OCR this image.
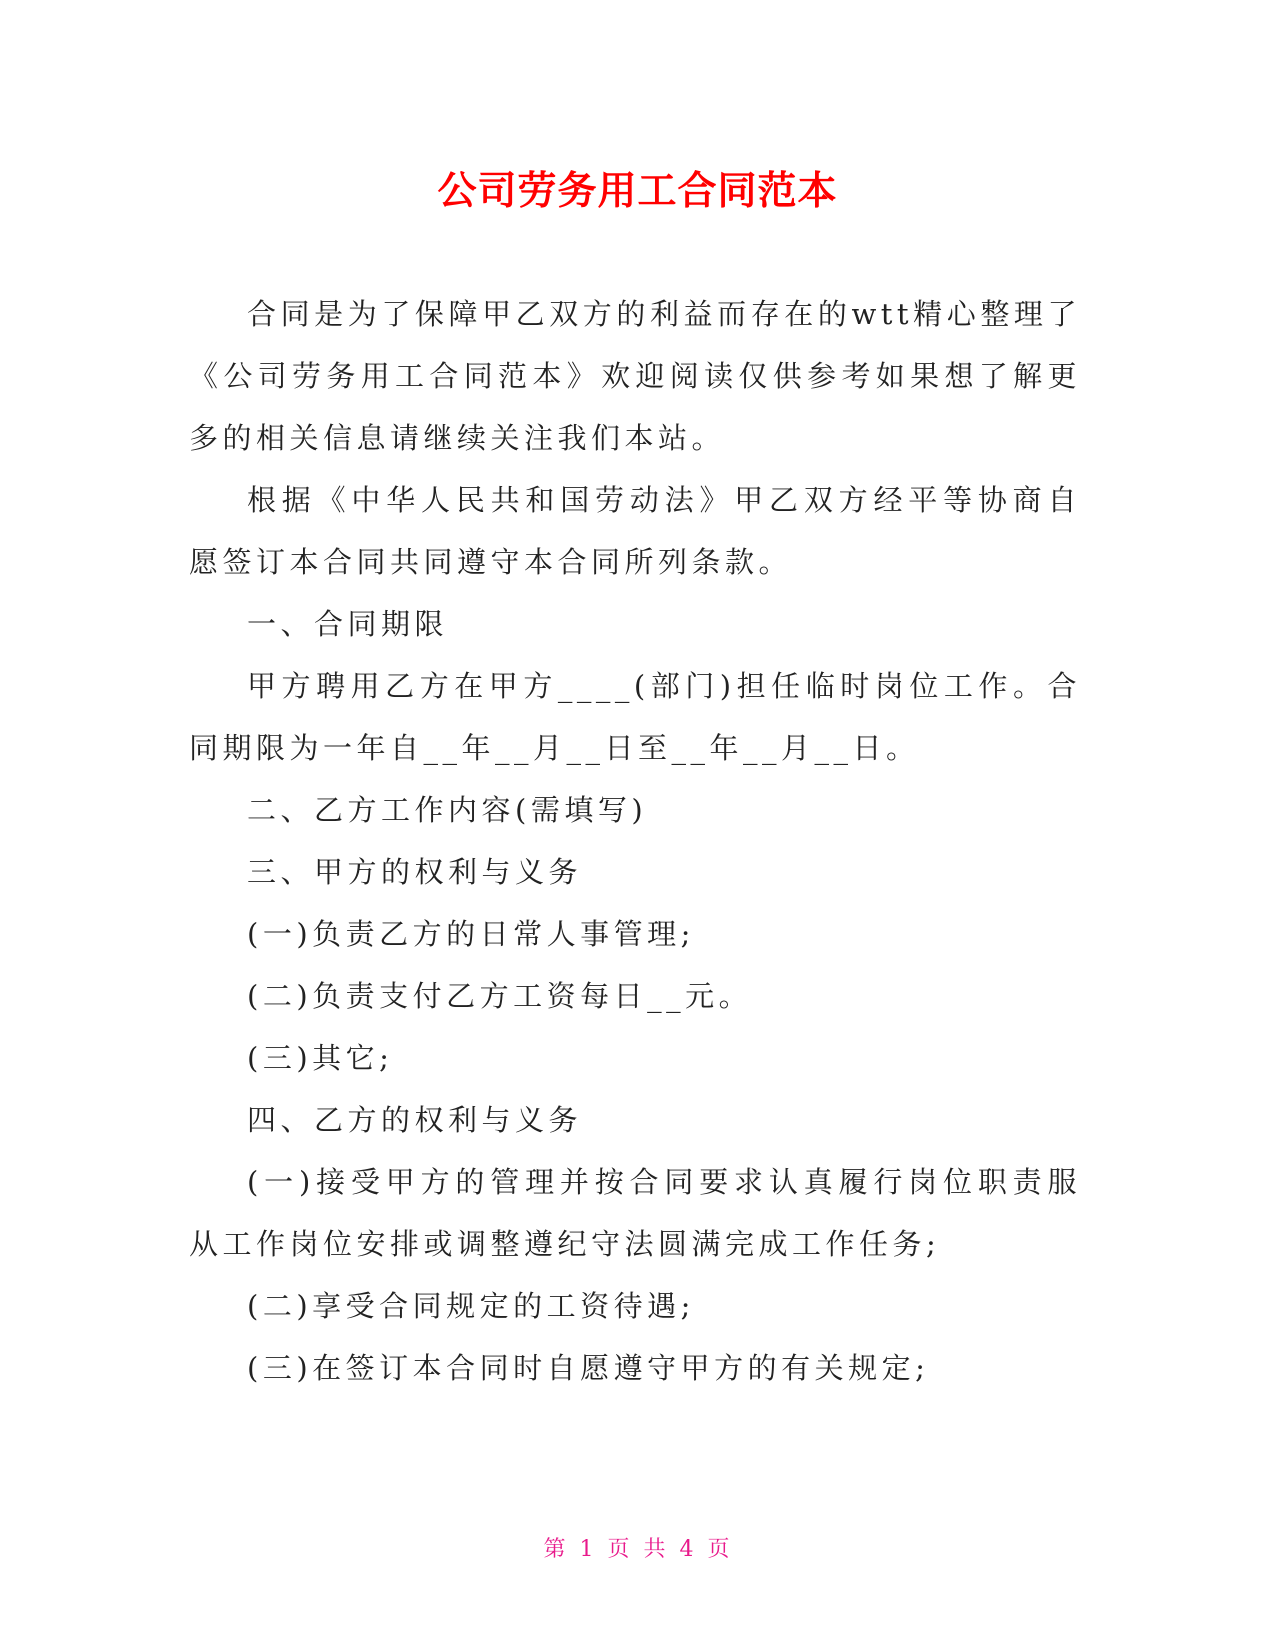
公司劳务用工合同范本

合同是为了保障甲乙双方的利益而存在的wtt精心整理了《公司劳务用工合同范本》欢迎阅读仅供参考如果想了解更多的相关信息请继续关注我们本站。

根据《中华人民共和国劳动法》甲乙双方经平等协商自愿签订本合同共同遵守本合同所列条款。

一、合同期限

甲方聘用乙方在甲方____(部门)担任临时岗位工作。合同期限为一年自__年__月__日至__年__月__日。

二、乙方工作内容(需填写)

三、甲方的权利与义务

(一)负责乙方的日常人事管理;

(二)负责支付乙方工资每日__元。

(三)其它;

四、乙方的权利与义务

(一)接受甲方的管理并按合同要求认真履行岗位职责服从工作岗位安排或调整遵纪守法圆满完成工作任务;

(二)享受合同规定的工资待遇;

(三)在签订本合同时自愿遵守甲方的有关规定;

第 1 页 共 4 页
